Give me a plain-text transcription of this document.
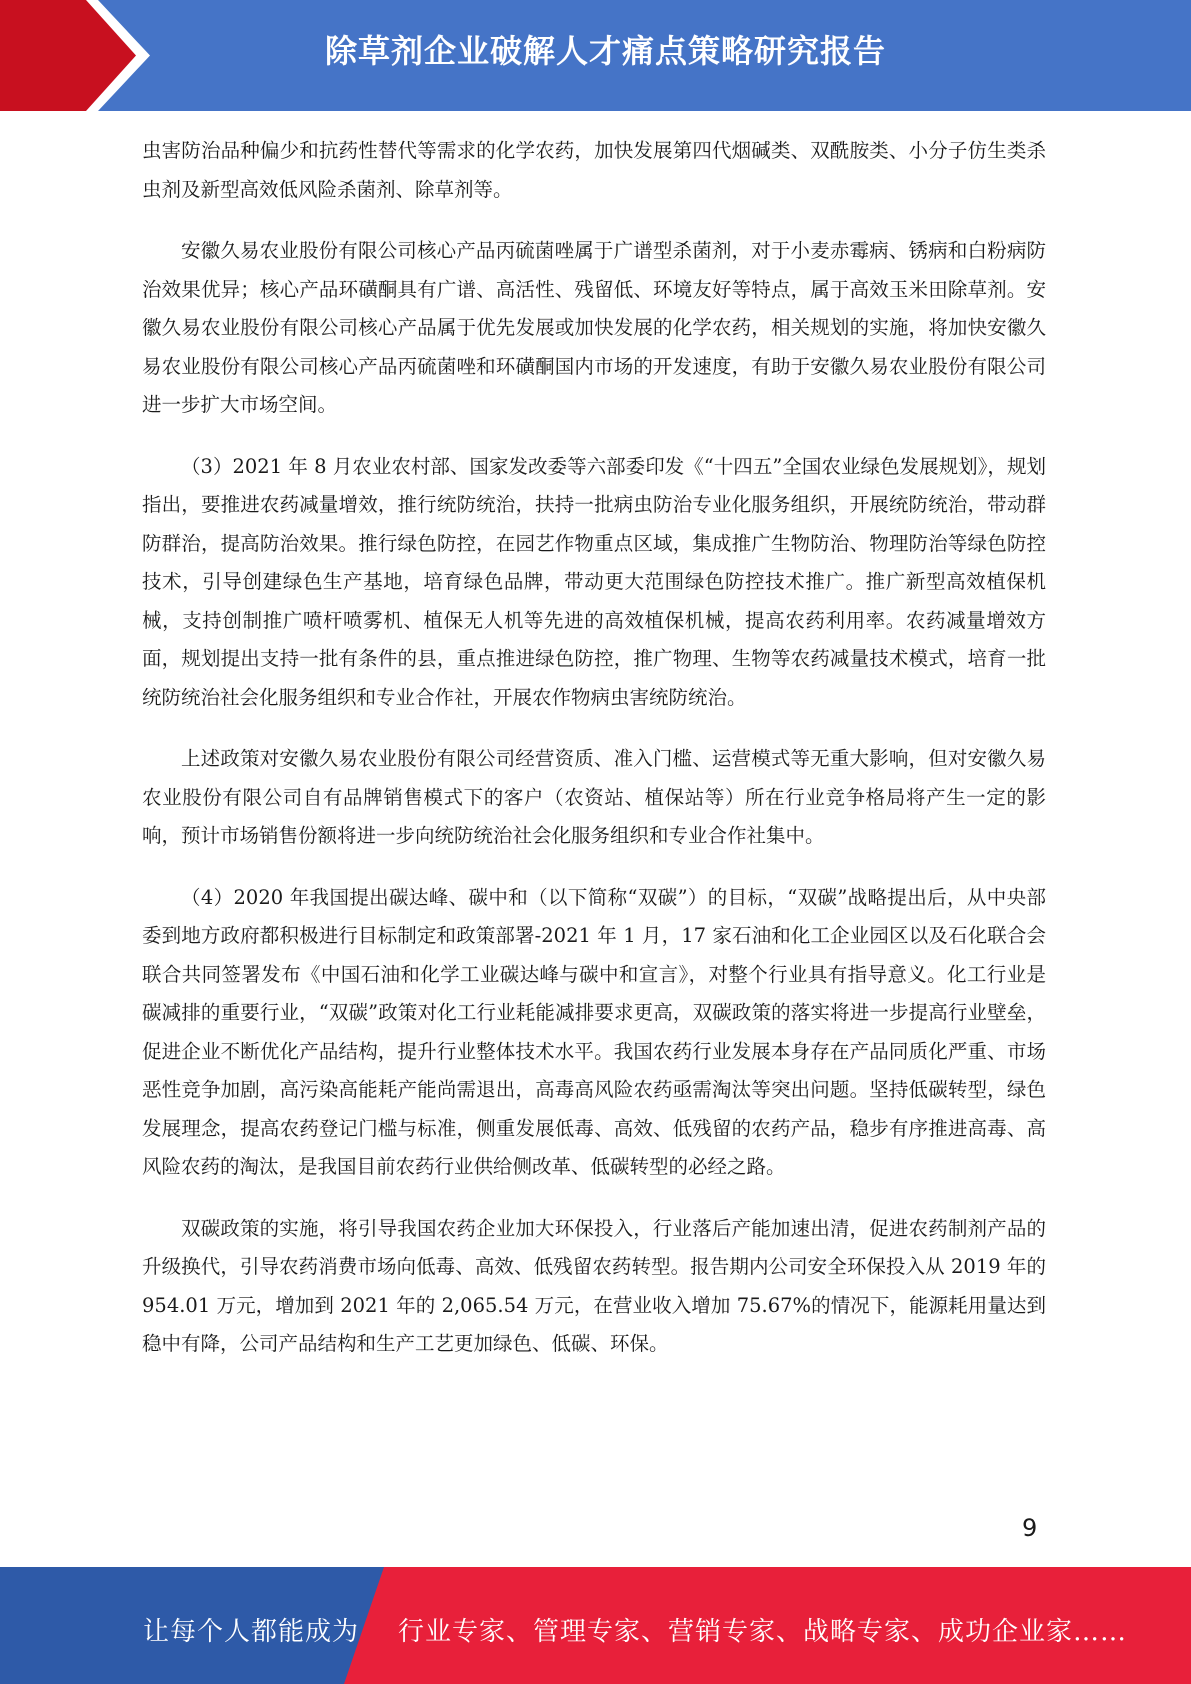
除草剂企业破解人才痛点策略研究报告

虫害防治品种偏少和抗药性替代等需求的化学农药，加快发展第四代烟碱类、双酰胺类、小分子仿生类杀虫剂及新型高效低风险杀菌剂、除草剂等。

安徽久易农业股份有限公司核心产品丙硫菌唑属于广谱型杀菌剂，对于小麦赤霉病、锈病和白粉病防治效果优异；核心产品环磺酮具有广谱、高活性、残留低、环境友好等特点，属于高效玉米田除草剂。安徽久易农业股份有限公司核心产品属于优先发展或加快发展的化学农药，相关规划的实施，将加快安徽久易农业股份有限公司核心产品丙硫菌唑和环磺酮国内市场的开发速度，有助于安徽久易农业股份有限公司进一步扩大市场空间。

（3）2021 年 8 月农业农村部、国家发改委等六部委印发《“十四五”全国农业绿色发展规划》，规划指出，要推进农药减量增效，推行统防统治，扶持一批病虫防治专业化服务组织，开展统防统治，带动群防群治，提高防治效果。推行绿色防控，在园艺作物重点区域，集成推广生物防治、物理防治等绿色防控技术，引导创建绿色生产基地，培育绿色品牌，带动更大范围绿色防控技术推广。推广新型高效植保机械，支持创制推广喷杆喷雾机、植保无人机等先进的高效植保机械，提高农药利用率。农药减量增效方面，规划提出支持一批有条件的县，重点推进绿色防控，推广物理、生物等农药减量技术模式，培育一批统防统治社会化服务组织和专业合作社，开展农作物病虫害统防统治。

上述政策对安徽久易农业股份有限公司经营资质、准入门槛、运营模式等无重大影响，但对安徽久易农业股份有限公司自有品牌销售模式下的客户（农资站、植保站等）所在行业竞争格局将产生一定的影响，预计市场销售份额将进一步向统防统治社会化服务组织和专业合作社集中。

（4）2020 年我国提出碳达峰、碳中和（以下简称“双碳”）的目标，“双碳”战略提出后，从中央部委到地方政府都积极进行目标制定和政策部署-2021 年 1 月，17 家石油和化工企业园区以及石化联合会联合共同签署发布《中国石油和化学工业碳达峰与碳中和宣言》，对整个行业具有指导意义。化工行业是碳减排的重要行业，“双碳”政策对化工行业耗能减排要求更高，双碳政策的落实将进一步提高行业壁垒，促进企业不断优化产品结构，提升行业整体技术水平。我国农药行业发展本身存在产品同质化严重、市场恶性竞争加剧，高污染高能耗产能尚需退出，高毒高风险农药亟需淘汰等突出问题。坚持低碳转型，绿色发展理念，提高农药登记门槛与标准，侧重发展低毒、高效、低残留的农药产品，稳步有序推进高毒、高风险农药的淘汰，是我国目前农药行业供给侧改革、低碳转型的必经之路。

双碳政策的实施，将引导我国农药企业加大环保投入，行业落后产能加速出清，促进农药制剂产品的升级换代，引导农药消费市场向低毒、高效、低残留农药转型。报告期内公司安全环保投入从 2019 年的 954.01 万元，增加到 2021 年的 2,065.54 万元，在营业收入增加 75.67%的情况下，能源耗用量达到稳中有降，公司产品结构和生产工艺更加绿色、低碳、环保。

9
让每个人都能成为 行业专家、管理专家、营销专家、战略专家、成功企业家……
